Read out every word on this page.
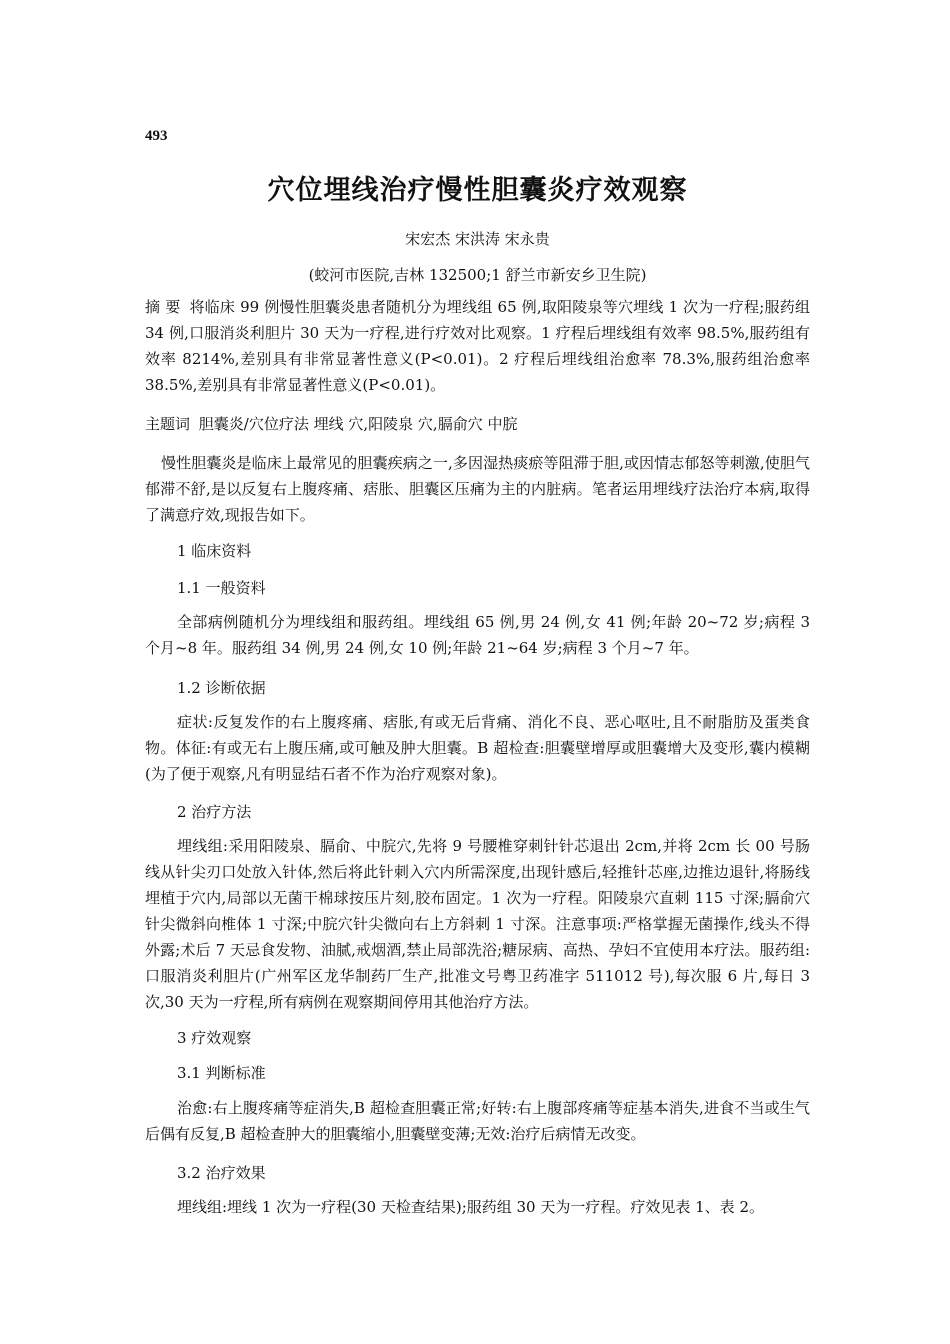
493
穴位埋线治疗慢性胆囊炎疗效观察
宋宏杰 宋洪涛 宋永贵
(蛟河市医院,吉林 132500;1 舒兰市新安乡卫生院)
摘 要 将临床 99 例慢性胆囊炎患者随机分为埋线组 65 例,取阳陵泉等穴埋线 1 次为一疗程;服药组 34 例,口服消炎利胆片 30 天为一疗程,进行疗效对比观察。1 疗程后埋线组有效率 98.5%,服药组有效率 8214%,差别具有非常显著性意义(P<0.01)。2 疗程后埋线组治愈率 78.3%,服药组治愈率 38.5%,差别具有非常显著性意义(P<0.01)。
主题词 胆囊炎/穴位疗法 埋线 穴,阳陵泉 穴,膈俞穴 中脘
慢性胆囊炎是临床上最常见的胆囊疾病之一,多因湿热痰瘀等阻滞于胆,或因情志郁怒等刺激,使胆气郁滞不舒,是以反复右上腹疼痛、痞胀、胆囊区压痛为主的内脏病。笔者运用埋线疗法治疗本病,取得了满意疗效,现报告如下。
1 临床资料
1.1 一般资料
全部病例随机分为埋线组和服药组。埋线组 65 例,男 24 例,女 41 例;年龄 20~72 岁;病程 3 个月~8 年。服药组 34 例,男 24 例,女 10 例;年龄 21~64 岁;病程 3 个月~7 年。
1.2 诊断依据
症状:反复发作的右上腹疼痛、痞胀,有或无后背痛、消化不良、恶心呕吐,且不耐脂肪及蛋类食物。体征:有或无右上腹压痛,或可触及肿大胆囊。B 超检查:胆囊壁增厚或胆囊增大及变形,囊内模糊(为了便于观察,凡有明显结石者不作为治疗观察对象)。
2 治疗方法
埋线组:采用阳陵泉、膈俞、中脘穴,先将 9 号腰椎穿刺针针芯退出 2cm,并将 2cm 长 00 号肠线从针尖刃口处放入针体,然后将此针刺入穴内所需深度,出现针感后,轻推针芯座,边推边退针,将肠线埋植于穴内,局部以无菌干棉球按压片刻,胶布固定。1 次为一疗程。阳陵泉穴直刺 115 寸深;膈俞穴针尖微斜向椎体 1 寸深;中脘穴针尖微向右上方斜刺 1 寸深。注意事项:严格掌握无菌操作,线头不得外露;术后 7 天忌食发物、油腻,戒烟酒,禁止局部洗浴;糖尿病、高热、孕妇不宜使用本疗法。服药组:口服消炎利胆片(广州军区龙华制药厂生产,批准文号粤卫药准字 511012 号),每次服 6 片,每日 3 次,30 天为一疗程,所有病例在观察期间停用其他治疗方法。
3 疗效观察
3.1 判断标准
治愈:右上腹疼痛等症消失,B 超检查胆囊正常;好转:右上腹部疼痛等症基本消失,进食不当或生气后偶有反复,B 超检查肿大的胆囊缩小,胆囊壁变薄;无效:治疗后病情无改变。
3.2 治疗效果
埋线组:埋线 1 次为一疗程(30 天检查结果);服药组 30 天为一疗程。疗效见表 1、表 2。
